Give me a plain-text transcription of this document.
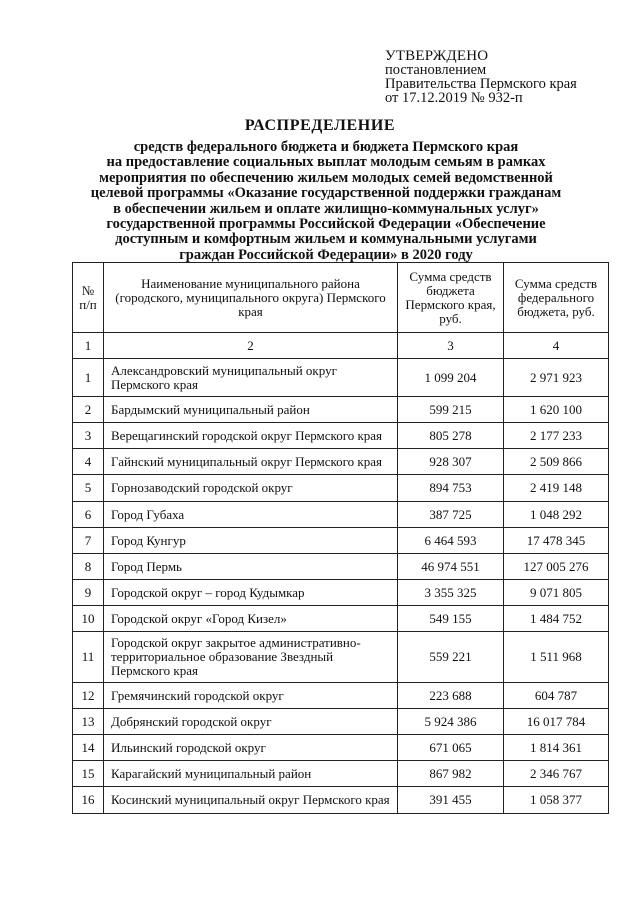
УТВЕРЖДЕНО
постановлением
Правительства Пермского края
от 17.12.2019 № 932-п
РАСПРЕДЕЛЕНИЕ
средств федерального бюджета и бюджета Пермского края
на предоставление социальных выплат молодым семьям в рамках
мероприятия по обеспечению жильем молодых семей ведомственной
целевой программы «Оказание государственной поддержки гражданам
в обеспечении жильем и оплате жилищно-коммунальных услуг»
государственной программы Российской Федерации «Обеспечение
доступным и комфортным жильем и коммунальными услугами
граждан Российской Федерации» в 2020 году
№ п/п	Наименование муниципального района (городского, муниципального округа) Пермского края	Сумма средств бюджета Пермского края, руб.	Сумма средств федерального бюджета, руб.
1	2	3	4
1	Александровский муниципальный округ Пермского края	1 099 204	2 971 923
2	Бардымский муниципальный район	599 215	1 620 100
3	Верещагинский городской округ Пермского края	805 278	2 177 233
4	Гайнский муниципальный округ Пермского края	928 307	2 509 866
5	Горнозаводский городской округ	894 753	2 419 148
6	Город Губаха	387 725	1 048 292
7	Город Кунгур	6 464 593	17 478 345
8	Город Пермь	46 974 551	127 005 276
9	Городской округ – город Кудымкар	3 355 325	9 071 805
10	Городской округ «Город Кизел»	549 155	1 484 752
11	Городской округ закрытое административно-территориальное образование Звездный Пермского края	559 221	1 511 968
12	Гремячинский городской округ	223 688	604 787
13	Добрянский городской округ	5 924 386	16 017 784
14	Ильинский городской округ	671 065	1 814 361
15	Карагайский муниципальный район	867 982	2 346 767
16	Косинский муниципальный округ Пермского края	391 455	1 058 377
